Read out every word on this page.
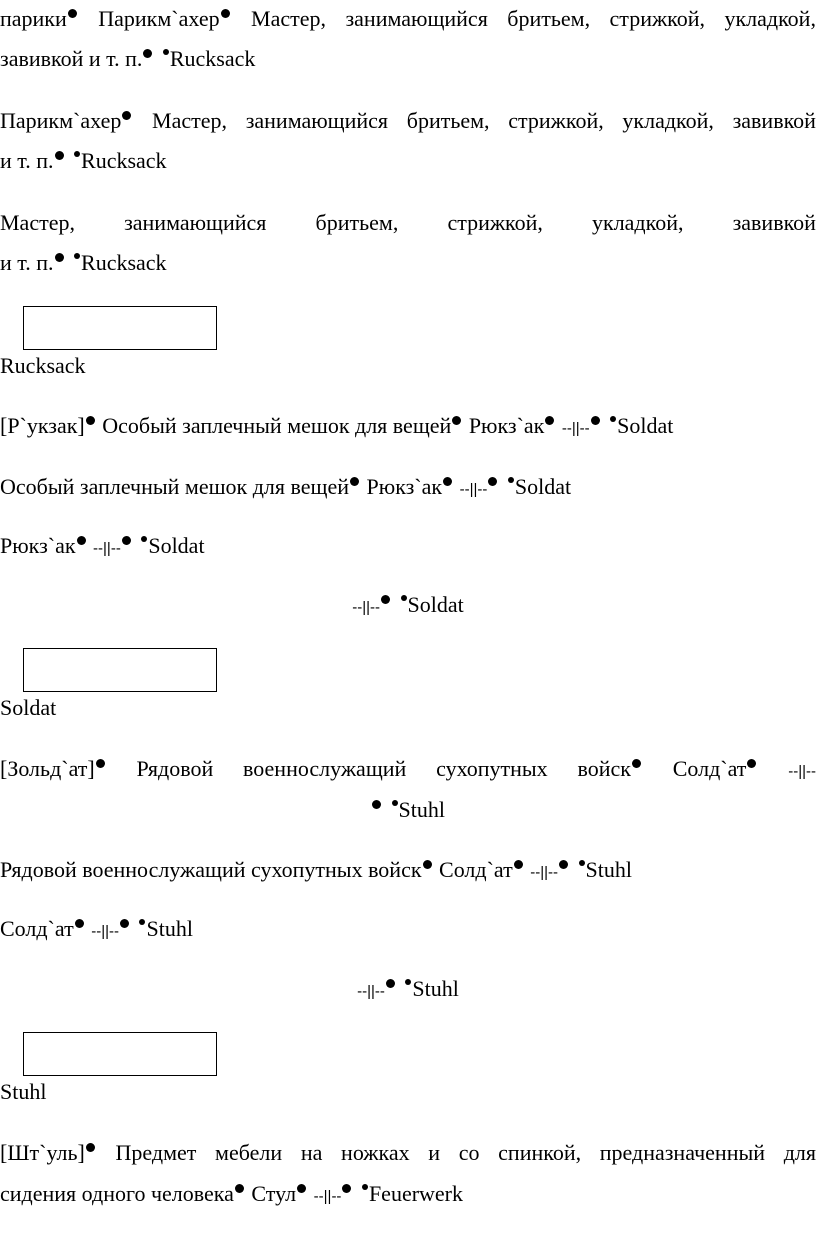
парики	Парикм`ахер	Мастер, занимающийся бритьем, стрижкой, укладкой,
завивкой и т. п. Rucksack
Парикм`ахер	Мастер, занимающийся бритьем, стрижкой, укладкой, завивкой
и т. п. Rucksack
Мастер, занимающийся бритьем, стрижкой, укладкой, завивкой
и т. п. Rucksack
Rucksack
[Р`укзак] Особый заплечный мешок для вещей Рюкз`ак --||-- Soldat
Особый заплечный мешок для вещей Рюкз`ак --||-- Soldat
Рюкз`ак --||-- Soldat
--||-- Soldat
Soldat
[Зольд`ат]	Рядовой военнослужащий сухопутных войск	Солд`ат	--||--
Stuhl
Рядовой военнослужащий сухопутных войск Солд`ат --||-- Stuhl
Солд`ат --||-- Stuhl
--||-- Stuhl
Stuhl
[Шт`уль]	Предмет мебели на ножках и со спинкой, предназначенный для
сидения одного человека Стул --||-- Feuerwerk
